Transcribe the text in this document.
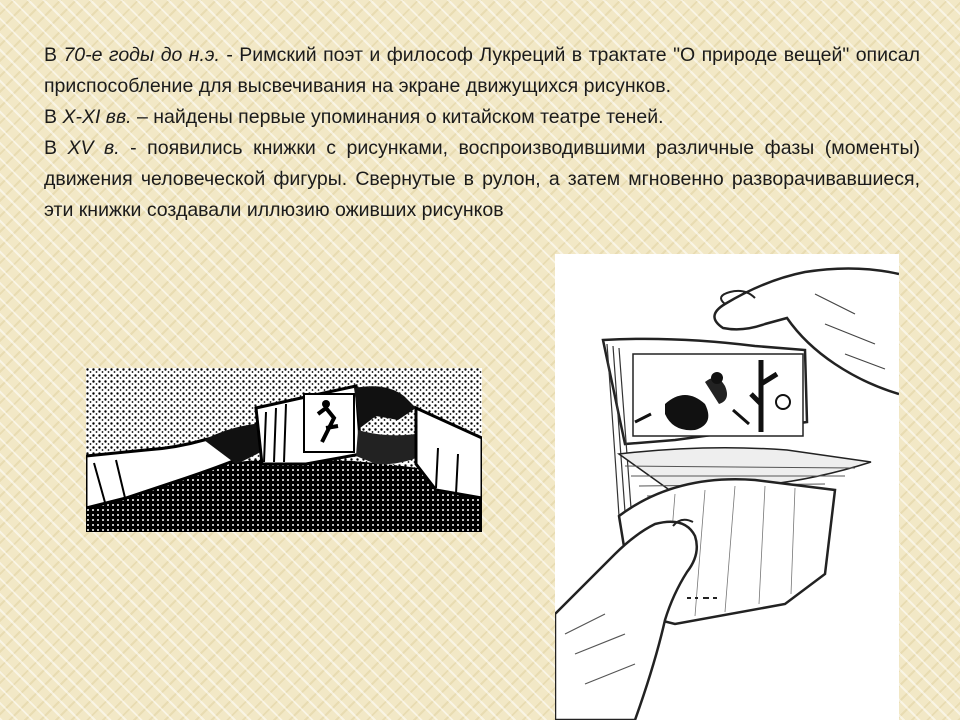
В 70-е годы до н.э. - Римский поэт и философ Лукреций в трактате "О природе вещей" описал приспособление для высвечивания на экране движущихся рисунков.

В X-XI вв. – найдены первые упоминания о китайском театре теней.

В XV в. - появились книжки с рисунками, воспроизводившими различные фазы (моменты) движения человеческой фигуры. Свернутые в рулон, а затем мгновенно разворачивавшиеся, эти книжки создавали иллюзию оживших рисунков
